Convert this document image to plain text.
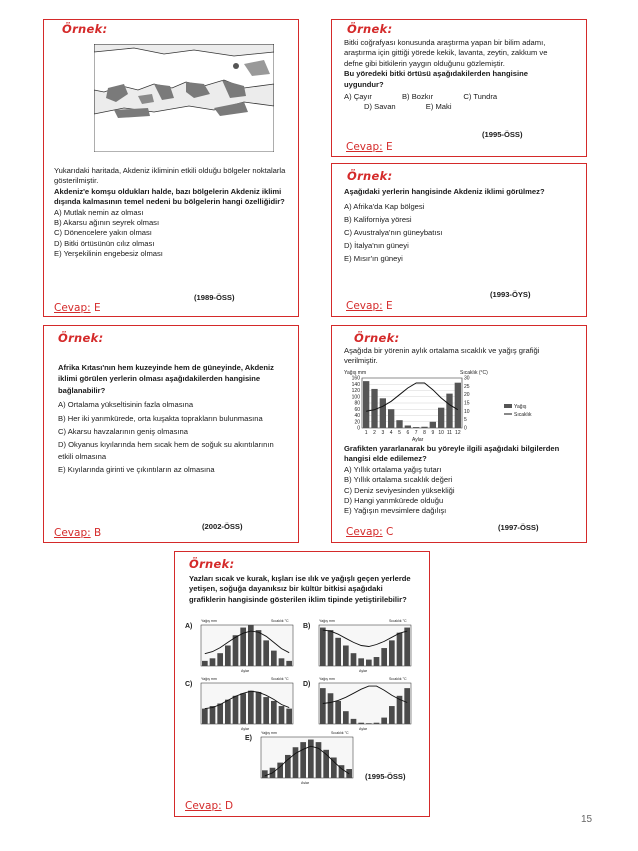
Örnek:
Yukarıdaki haritada, Akdeniz ikliminin etkili olduğu bölgeler noktalarla gösterilmiştir.
Akdeniz'e komşu oldukları halde, bazı bölgelerin Akdeniz iklimi dışında kalmasının temel nedeni bu bölgelerin hangi özelliğidir?
A) Mutlak nemin az olması
B) Akarsu ağının seyrek olması
C) Dönencelere yakın olması
D) Bitki örtüsünün cılız olması
E) Yerşekilinin engebesiz olması
(1989-ÖSS)
Cevap: E
Örnek:
Bitki coğrafyası konusunda araştırma yapan bir bilim adamı, araştırma için gittiği yörede kekik, lavanta, zeytin, zakkum ve defne gibi bitkilerin yaygın olduğunu gözlemiştir.
Bu yöredeki bitki örtüsü aşağıdakilerden hangisine uygundur?
A) Çayır	B) Bozkır	C) Tundra
D) Savan	E) Maki
(1995-ÖSS)
Cevap: E
Örnek:
Aşağıdaki yerlerin hangisinde Akdeniz iklimi görülmez?
A) Afrika'da Kap bölgesi
B) Kaliforniya yöresi
C) Avustralya'nın güneybatısı
D) İtalya'nın güneyi
E) Mısır'ın güneyi
(1993-ÖYS)
Cevap: E
Örnek:
Afrika Kıtası'nın hem kuzeyinde hem de güneyinde, Akdeniz iklimi görülen yerlerin olması aşağıdakilerden hangisine bağlanabilir?
A) Ortalama yükseltisinin fazla olmasına
B) Her iki yarımkürede, orta kuşakta toprakların bulunmasına
C) Akarsu havzalarının geniş olmasına
D) Okyanus kıyılarında hem sıcak hem de soğuk su akıntılarının etkili olmasına
E) Kıyılarında girinti ve çıkıntıların az olmasına
(2002-ÖSS)
Cevap: B
Örnek:
Aşağıda bir yörenin aylık ortalama sıcaklık ve yağış grafiği verilmiştir.
Yağış mm	Sıcaklık (°C)
Aylar
Yağış
Sıcaklık
160
140
120
100
80
60
40
20
0
30
25
20
15
10
5
0
1 2 3 4 5 6 7 8 9 10 11 12
Grafikten yararlanarak bu yöreyle ilgili aşağıdaki bilgilerden hangisi elde edilemez?
A) Yıllık ortalama yağış tutarı
B) Yıllık ortalama sıcaklık değeri
C) Deniz seviyesinden yüksekliği
D) Hangi yarımkürede olduğu
E) Yağışın mevsimlere dağılışı
(1997-ÖSS)
Cevap: C
Örnek:
Yazları sıcak ve kurak, kışları ise ılık ve yağışlı geçen yerlerde yetişen, soğuğa dayanıksız bir kültür bitkisi aşağıdaki grafiklerin hangisinde gösterilen iklim tipinde yetiştirilebilir?
A)
Yağış mm	Sıcaklık °C
Aylar
B)
Yağış mm	Sıcaklık °C
Aylar
C)
Yağış mm	Sıcaklık °C
Aylar
D)
Yağış mm	Sıcaklık °C
Aylar
E)
Yağış mm	Sıcaklık °C
Aylar
(1995-ÖSS)
Cevap: D
15
